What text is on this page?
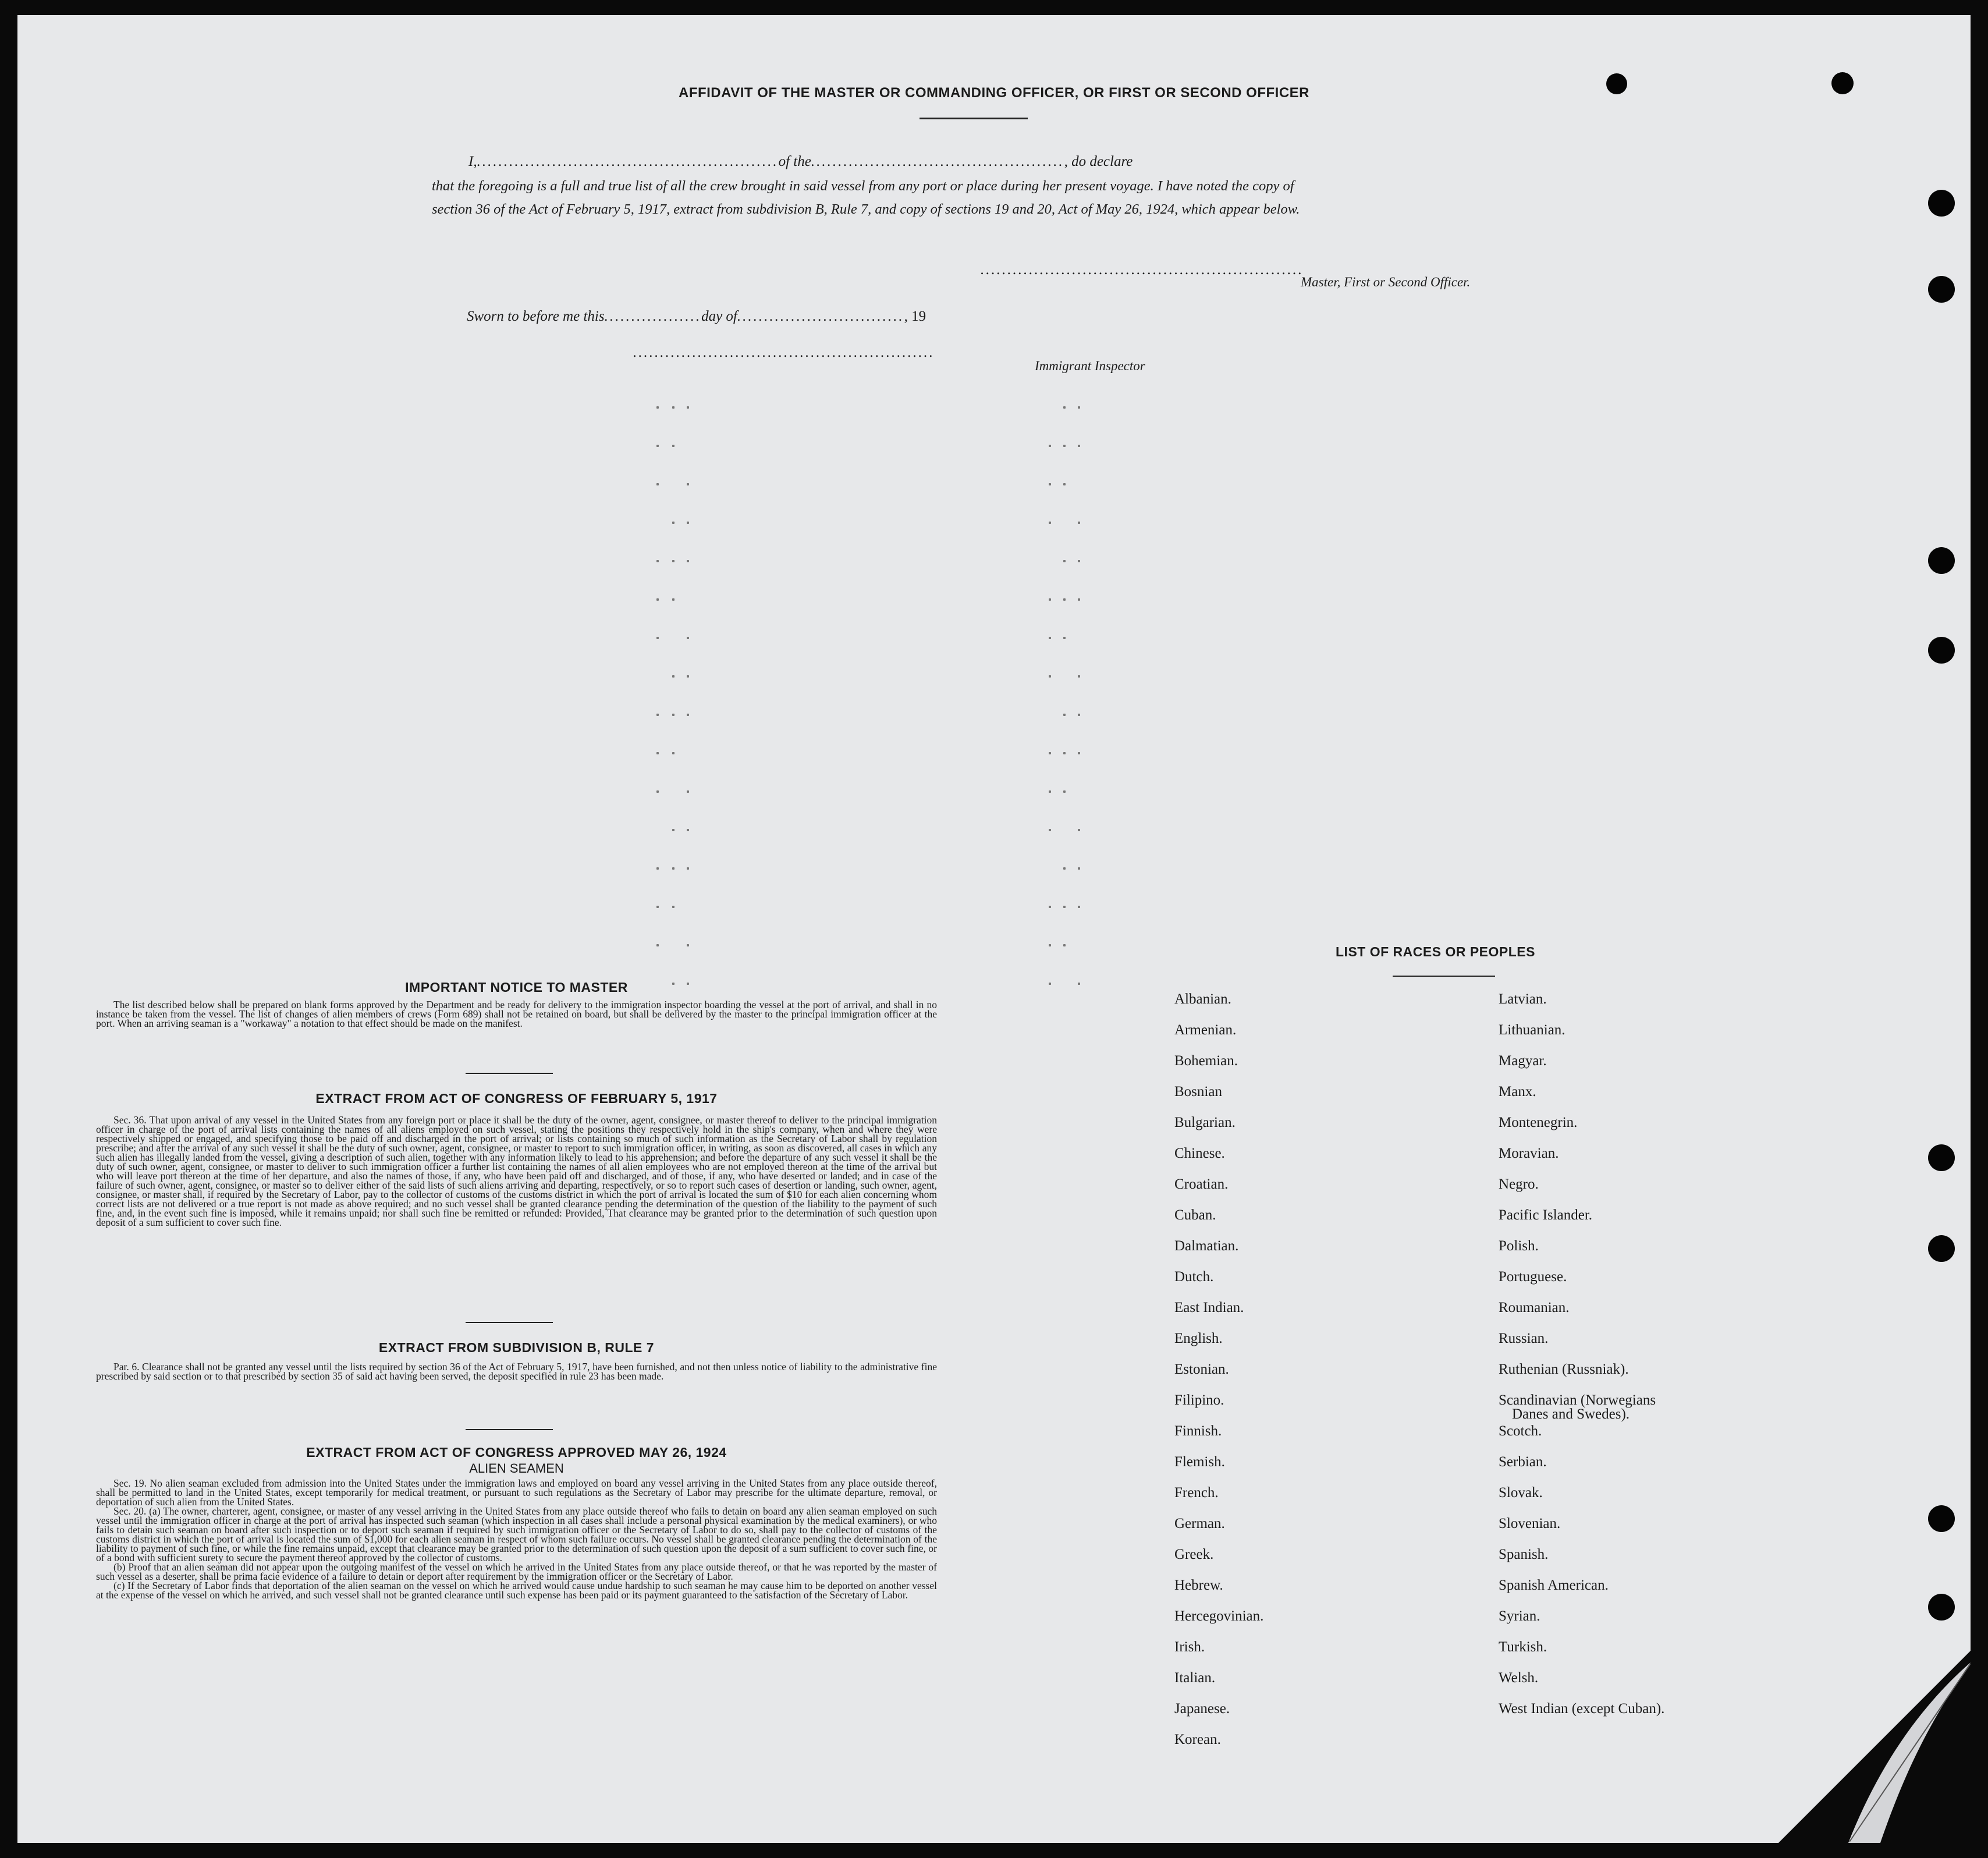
AFFIDAVIT OF THE MASTER OR COMMANDING OFFICER, OR FIRST OR SECOND OFFICER
I,........................................................of the..............................................., do declare
that the foregoing is a full and true list of all the crew brought in said vessel from any port or place during her present voyage. I have noted the copy of
section 36 of the Act of February 5, 1917, extract from subdivision B, Rule 7, and copy of sections 19 and 20, Act of May 26, 1924, which appear below.
............................................................
Master, First or Second Officer.
Sworn to before me this..................day of..............................., 19
........................................................
Immigrant Inspector
IMPORTANT NOTICE TO MASTER

The list described below shall be prepared on blank forms approved by the Department and be ready for delivery to the immigration inspector boarding the vessel at the port of arrival, and shall in no instance be taken from the vessel. The list of changes of alien members of crews (Form 689) shall not be retained on board, but shall be delivered by the master to the principal immigration officer at the port. When an arriving seaman is a "workaway" a notation to that effect should be made on the manifest.

EXTRACT FROM ACT OF CONGRESS OF FEBRUARY 5, 1917

Sec. 36. That upon arrival of any vessel in the United States from any foreign port or place it shall be the duty of the owner, agent, consignee, or master thereof to deliver to the principal immigration officer in charge of the port of arrival lists containing the names of all aliens employed on such vessel, stating the positions they respectively hold in the ship's company, when and where they were respectively shipped or engaged, and specifying those to be paid off and discharged in the port of arrival; or lists containing so much of such information as the Secretary of Labor shall by regulation prescribe; and after the arrival of any such vessel it shall be the duty of such owner, agent, consignee, or master to report to such immigration officer, in writing, as soon as discovered, all cases in which any such alien has illegally landed from the vessel, giving a description of such alien, together with any information likely to lead to his apprehension; and before the departure of any such vessel it shall be the duty of such owner, agent, consignee, or master to deliver to such immigration officer a further list containing the names of all alien employees who are not employed thereon at the time of the arrival but who will leave port thereon at the time of her departure, and also the names of those, if any, who have been paid off and discharged, and of those, if any, who have deserted or landed; and in case of the failure of such owner, agent, consignee, or master so to deliver either of the said lists of such aliens arriving and departing, respectively, or so to report such cases of desertion or landing, such owner, agent, consignee, or master shall, if required by the Secretary of Labor, pay to the collector of customs of the customs district in which the port of arrival is located the sum of $10 for each alien concerning whom correct lists are not delivered or a true report is not made as above required; and no such vessel shall be granted clearance pending the determination of the question of the liability to the payment of such fine, and, in the event such fine is imposed, while it remains unpaid; nor shall such fine be remitted or refunded: Provided, That clearance may be granted prior to the determination of such question upon deposit of a sum sufficient to cover such fine.

EXTRACT FROM SUBDIVISION B, RULE 7

Par. 6. Clearance shall not be granted any vessel until the lists required by section 36 of the Act of February 5, 1917, have been furnished, and not then unless notice of liability to the administrative fine prescribed by said section or to that prescribed by section 35 of said act having been served, the deposit specified in rule 23 has been made.

EXTRACT FROM ACT OF CONGRESS APPROVED MAY 26, 1924
ALIEN SEAMEN

Sec. 19. No alien seaman excluded from admission into the United States under the immigration laws and employed on board any vessel arriving in the United States from any place outside thereof, shall be permitted to land in the United States, except temporarily for medical treatment, or pursuant to such regulations as the Secretary of Labor may prescribe for the ultimate departure, removal, or deportation of such alien from the United States.

Sec. 20. (a) The owner, charterer, agent, consignee, or master of any vessel arriving in the United States from any place outside thereof who fails to detain on board any alien seaman employed on such vessel until the immigration officer in charge at the port of arrival has inspected such seaman (which inspection in all cases shall include a personal physical examination by the medical examiners), or who fails to detain such seaman on board after such inspection or to deport such seaman if required by such immigration officer or the Secretary of Labor to do so, shall pay to the collector of customs of the customs district in which the port of arrival is located the sum of $1,000 for each alien seaman in respect of whom such failure occurs. No vessel shall be granted clearance pending the determination of the liability to payment of such fine, or while the fine remains unpaid, except that clearance may be granted prior to the determination of such question upon the deposit of a sum sufficient to cover such fine, or of a bond with sufficient surety to secure the payment thereof approved by the collector of customs.

(b) Proof that an alien seaman did not appear upon the outgoing manifest of the vessel on which he arrived in the United States from any place outside thereof, or that he was reported by the master of such vessel as a deserter, shall be prima facie evidence of a failure to detain or deport after requirement by the immigration officer or the Secretary of Labor.

(c) If the Secretary of Labor finds that deportation of the alien seaman on the vessel on which he arrived would cause undue hardship to such seaman he may cause him to be deported on another vessel at the expense of the vessel on which he arrived, and such vessel shall not be granted clearance until such expense has been paid or its payment guaranteed to the satisfaction of the Secretary of Labor.

LIST OF RACES OR PEOPLES
Albanian.
Armenian.
Bohemian.
Bosnian
Bulgarian.
Chinese.
Croatian.
Cuban.
Dalmatian.
Dutch.
East Indian.
English.
Estonian.
Filipino.
Finnish.
Flemish.
French.
German.
Greek.
Hebrew.
Hercegovinian.
Irish.
Italian.
Japanese.
Korean.
Latvian.
Lithuanian.
Magyar.
Manx.
Montenegrin.
Moravian.
Negro.
Pacific Islander.
Polish.
Portuguese.
Roumanian.
Russian.
Ruthenian (Russniak).
Scandinavian (Norwegians
Danes and Swedes).
Scotch.
Serbian.
Slovak.
Slovenian.
Spanish.
Spanish American.
Syrian.
Turkish.
Welsh.
West Indian (except Cuban).
